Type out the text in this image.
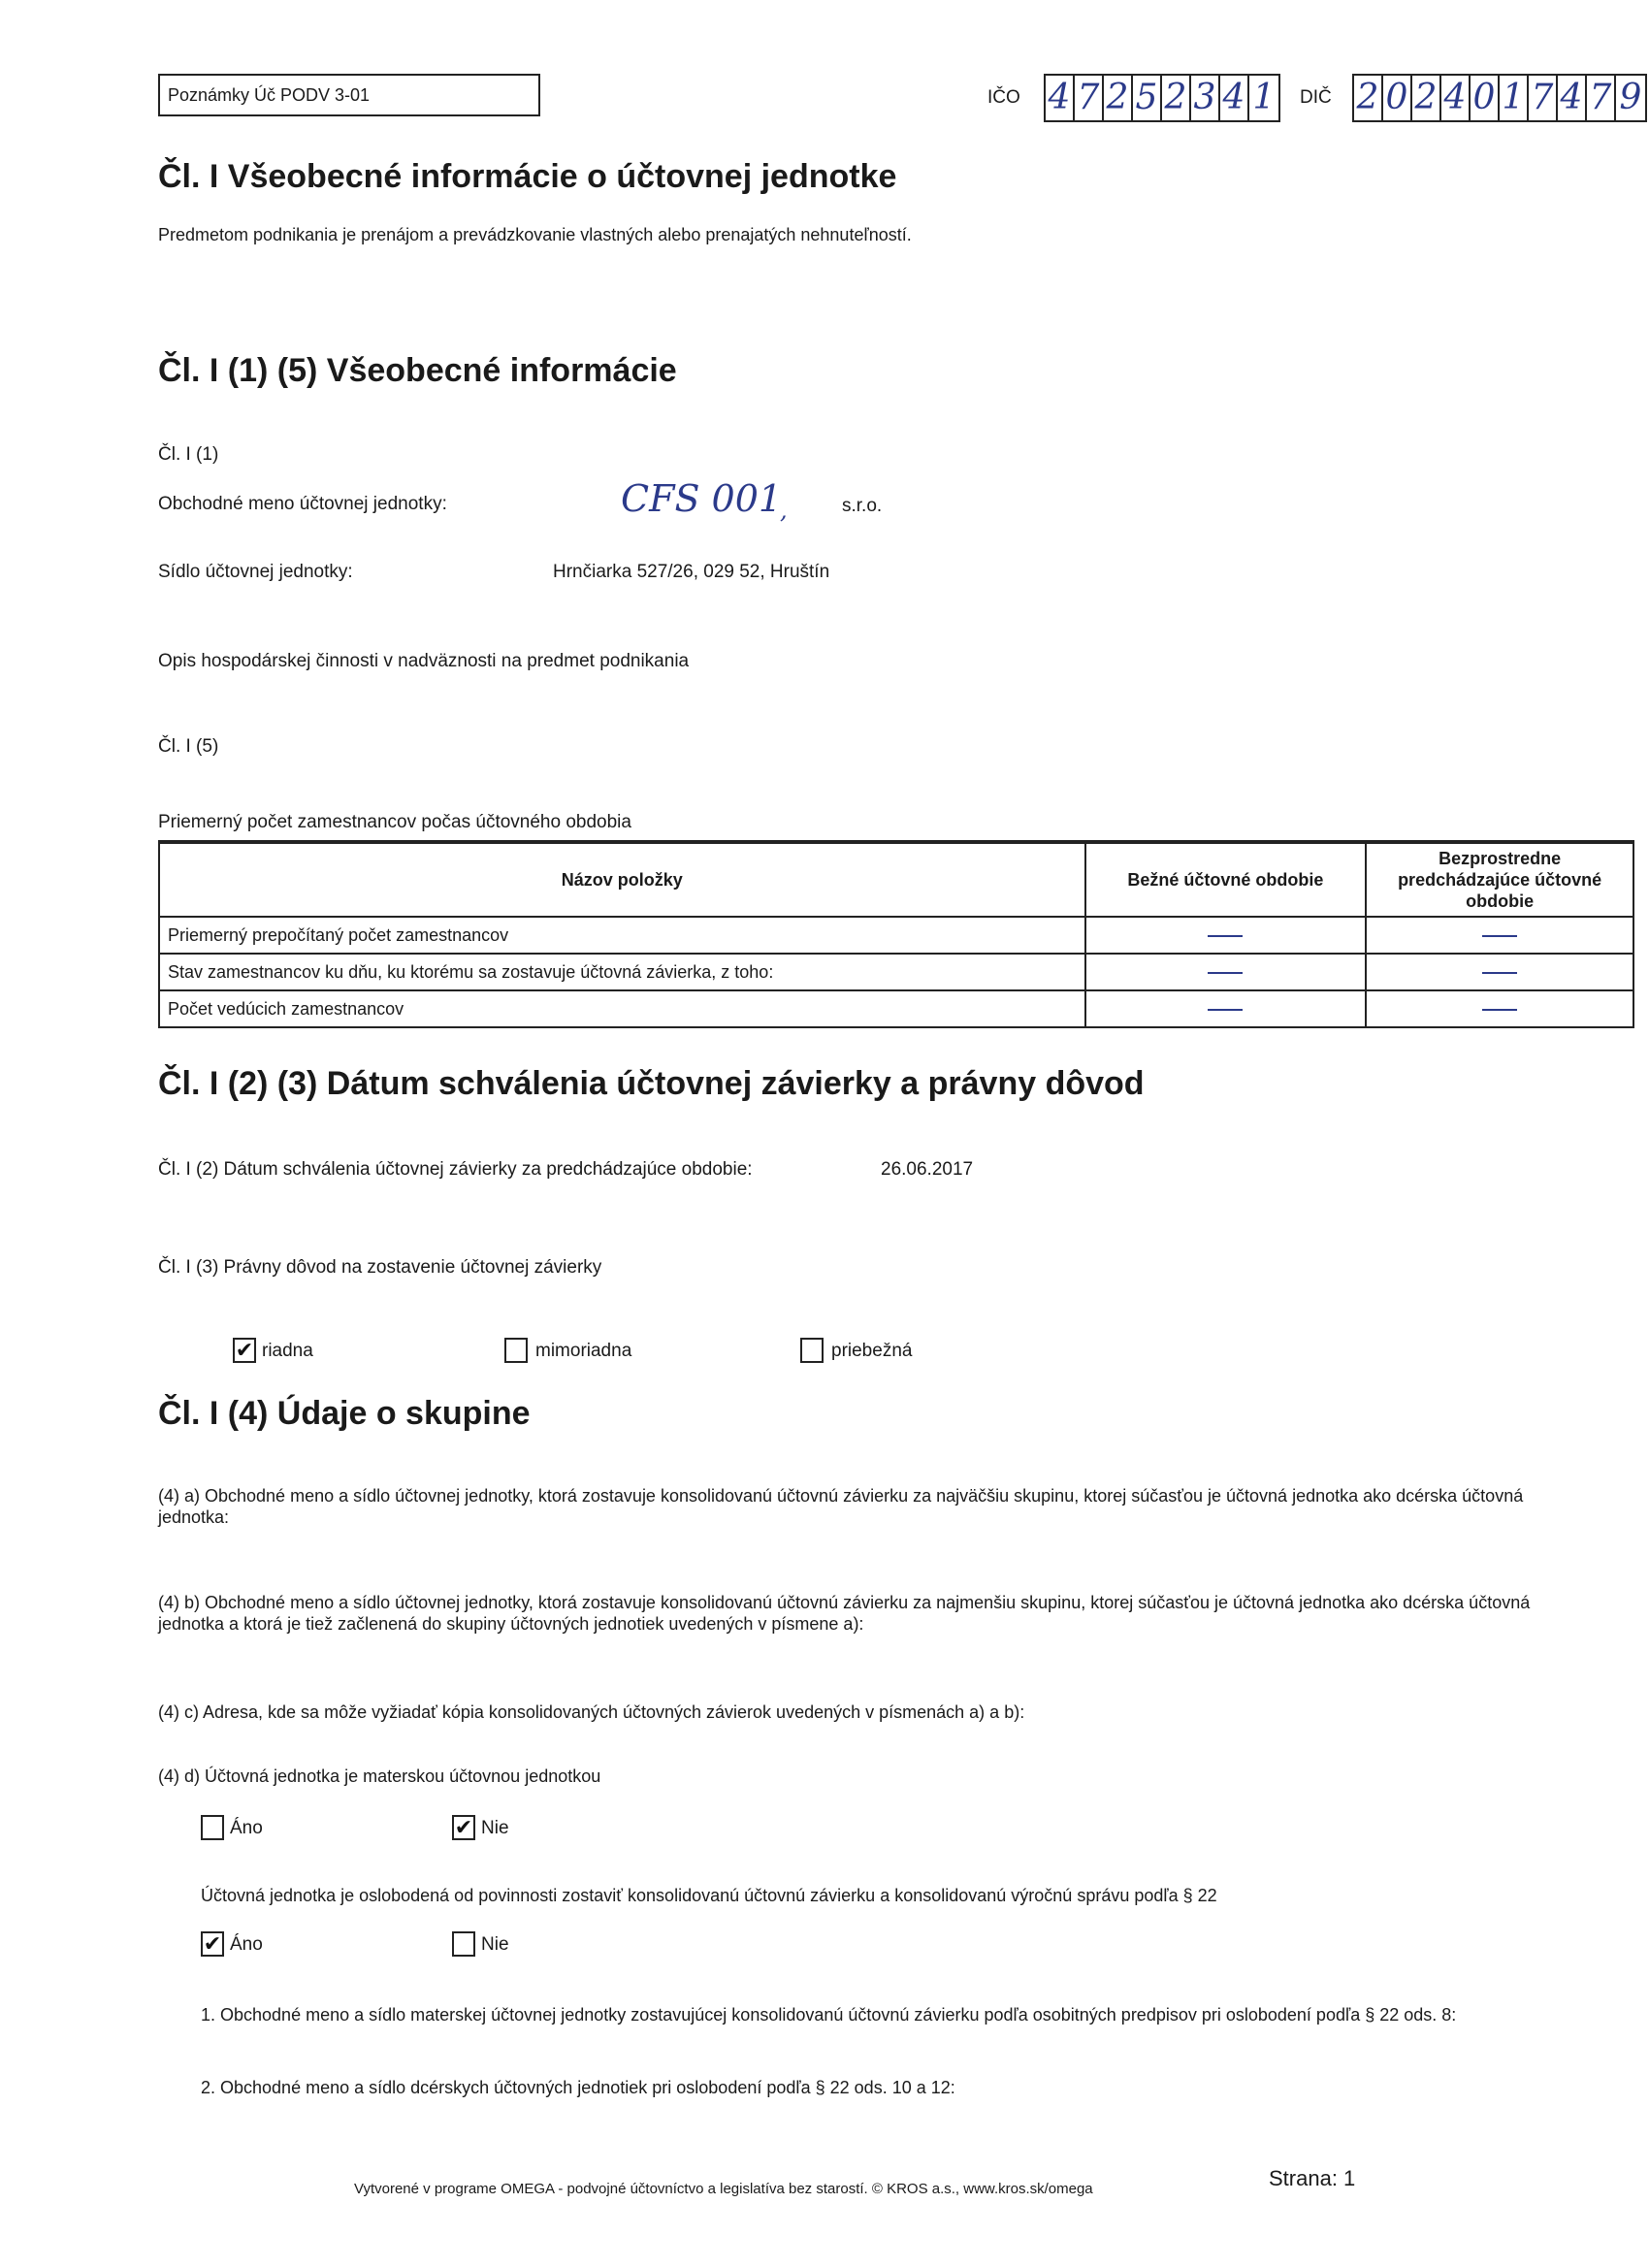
Poznámky Úč PODV 3-01	IČO 4 7 2 5 2 3 4 1 DIČ 2 0 2 4 0 1 7 4 7 9
Čl. I Všeobecné informácie o účtovnej jednotke
Predmetom podnikania je prenájom a prevádzkovanie vlastných alebo prenajatých nehnuteľností.
Čl. I (1) (5) Všeobecné informácie
Čl. I (1)
Obchodné meno účtovnej jednotky:	CFS 001
,	s.r.o.
Sídlo účtovnej jednotky:	Hrnčiarka 527/26, 029 52, Hruštín
Opis hospodárskej činnosti v nadväznosti na predmet podnikania
Čl. I (5)
Priemerný počet zamestnancov počas účtovného obdobia
Názov položky	Bežné účtovné obdobie	Bezprostredne predchádzajúce účtovné obdobie
Priemerný prepočítaný počet zamestnancov		
Stav zamestnancov ku dňu, ku ktorému sa zostavuje účtovná závierka, z toho:		
Počet vedúcich zamestnancov		
Čl. I (2) (3) Dátum schválenia účtovnej závierky a právny dôvod
Čl. I (2) Dátum schválenia účtovnej závierky za predchádzajúce obdobie:	26.06.2017
Čl. I (3) Právny dôvod na zostavenie účtovnej závierky
✔ riadna	mimoriadna	priebežná
Čl. I (4) Údaje o skupine
(4) a) Obchodné meno a sídlo účtovnej jednotky, ktorá zostavuje konsolidovanú účtovnú závierku za najväčšiu skupinu, ktorej súčasťou je účtovná jednotka ako dcérska účtovná jednotka:
(4) b) Obchodné meno a sídlo účtovnej jednotky, ktorá zostavuje konsolidovanú účtovnú závierku za najmenšiu skupinu, ktorej súčasťou je účtovná jednotka ako dcérska účtovná jednotka a ktorá je tiež začlenená do skupiny účtovných jednotiek uvedených v písmene a):
(4) c) Adresa, kde sa môže vyžiadať kópia konsolidovaných účtovných závierok uvedených v písmenách a) a b):
(4) d) Účtovná jednotka je materskou účtovnou jednotkou
Áno	✔ Nie
Účtovná jednotka je oslobodená od povinnosti zostaviť konsolidovanú účtovnú závierku a konsolidovanú výročnú správu podľa § 22
✔ Áno	Nie
1. Obchodné meno a sídlo materskej účtovnej jednotky zostavujúcej konsolidovanú účtovnú závierku podľa osobitných predpisov pri oslobodení podľa § 22 ods. 8:
2. Obchodné meno a sídlo dcérskych účtovných jednotiek pri oslobodení podľa § 22 ods. 10 a 12:
Vytvorené v programe OMEGA - podvojné účtovníctvo a legislatíva bez starostí. © KROS a.s., www.kros.sk/omega	Strana: 1
